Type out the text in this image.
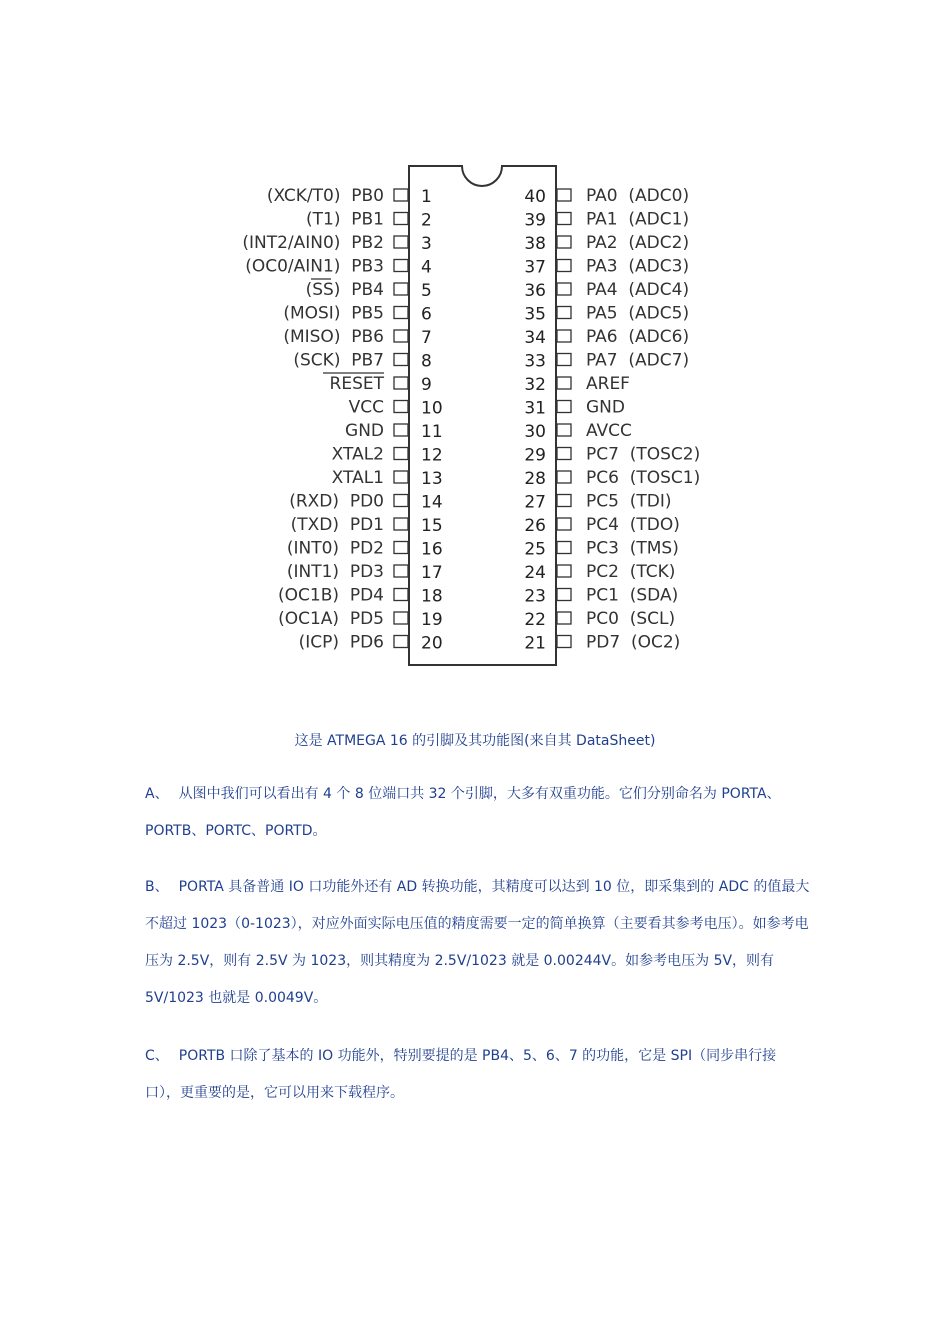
(XCK/T0)  PB0 1
(T1)  PB1 2
(INT2/AIN0)  PB2 3
(OC0/AIN1)  PB3 4
(SS)  PB4 5
(MOSI)  PB5 6
(MISO)  PB6 7
(SCK)  PB7 8
RESET 9
VCC 10
GND 11
XTAL2 12
XTAL1 13
(RXD)  PD0 14
(TXD)  PD1 15
(INT0)  PD2 16
(INT1)  PD3 17
(OC1B)  PD4 18
(OC1A)  PD5 19
(ICP)  PD6 20
40 PA0  (ADC0)
39 PA1  (ADC1)
38 PA2  (ADC2)
37 PA3  (ADC3)
36 PA4  (ADC4)
35 PA5  (ADC5)
34 PA6  (ADC6)
33 PA7  (ADC7)
32 AREF
31 GND
30 AVCC
29 PC7  (TOSC2)
28 PC6  (TOSC1)
27 PC5  (TDI)
26 PC4  (TDO)
25 PC3  (TMS)
24 PC2  (TCK)
23 PC1  (SDA)
22 PC0  (SCL)
21 PD7  (OC2)
这是 ATMEGA 16 的引脚及其功能图(来自其 DataSheet)
A、 从图中我们可以看出有 4 个 8 位端口共 32 个引脚，大多有双重功能。它们分别命名为 PORTA、PORTB、PORTC、PORTD。
B、 PORTA 具备普通 IO 口功能外还有 AD 转换功能，其精度可以达到 10 位，即采集到的 ADC 的值最大不超过 1023（0-1023），对应外面实际电压值的精度需要一定的简单换算（主要看其参考电压）。如参考电压为 2.5V，则有 2.5V 为 1023，则其精度为 2.5V/1023 就是 0.00244V。如参考电压为 5V，则有 5V/1023 也就是 0.0049V。
C、 PORTB 口除了基本的 IO 功能外，特别要提的是 PB4、5、6、7 的功能，它是 SPI（同步串行接口），更重要的是，它可以用来下载程序。
